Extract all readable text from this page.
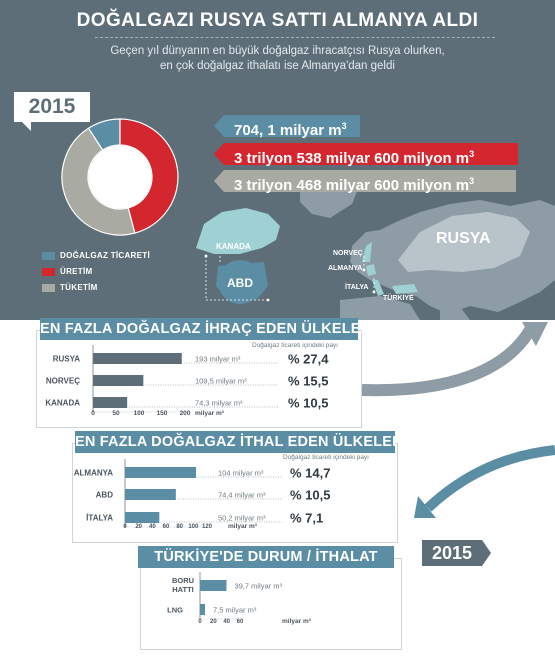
DOĞALGAZI RUSYA SATTI ALMANYA ALDI
Geçen yıl dünyanın en büyük doğalgaz ihracatçısı Rusya olurken,
en çok doğalgaz ithalatı ise Almanya'dan geldi
2015
704, 1 milyar $m^3$
3 trilyon 538 milyar 600 milyon $m^3$
3 trilyon 468 milyar 600 milyon $m^3$
DOĞALGAZ TİCARETİ
ÜRETİM
TÜKETİM
RUSYA
KANADA
ABD
NORVEÇ
ALMANYA
İTALYA
TÜRKİYE
2015
EN FAZLA DOĞALGAZ İHRAÇ EDEN ÜLKELER
EN FAZLA DOĞALGAZ İTHAL EDEN ÜLKELER
TÜRKİYE'DE DURUM / İTHALAT
Doğalgaz ticareti içindeki payı
Doğalgaz ticareti içindeki payı
RUSYA	193 milyar m³	% 27,4
NORVEÇ	109,5 milyar m³	% 15,5
KANADA	74,3 milyar m³	% 10,5
0	50 100 150 200 milyar m³
ALMANYA	104 milyar m³ % 14,7
ABD	74,4 milyar m³ % 10,5
İTALYA	50,2 milyar m³ % 7,1
0 20 40 60 80 100 120 milyar m³
BORU HATTI	39,7 milyar m³
LNG	7,5 milyar m³
0 20 40 60	milyar m³
